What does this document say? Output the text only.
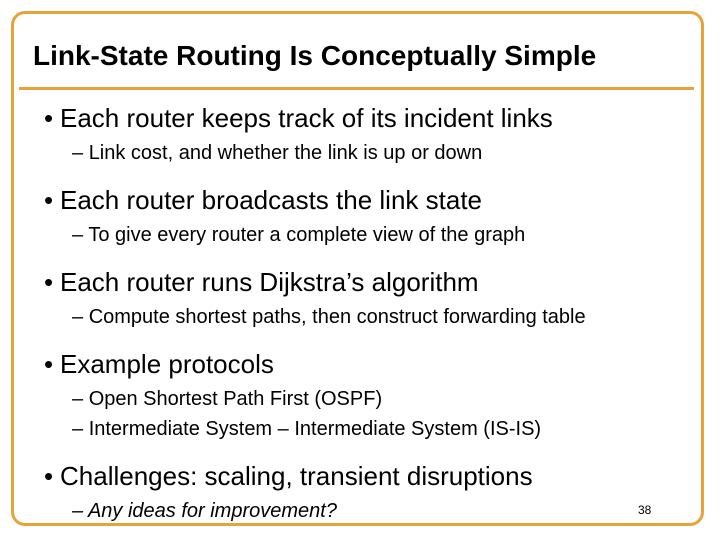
Link-State Routing Is Conceptually Simple

• Each router keeps track of its incident links

– Link cost, and whether the link is up or down

• Each router broadcasts the link state

– To give every router a complete view of the graph

• Each router runs Dijkstra’s algorithm

– Compute shortest paths, then construct forwarding table

• Example protocols

– Open Shortest Path First (OSPF)

– Intermediate System – Intermediate System (IS-IS)

• Challenges: scaling, transient disruptions

– Any ideas for improvement?	38
